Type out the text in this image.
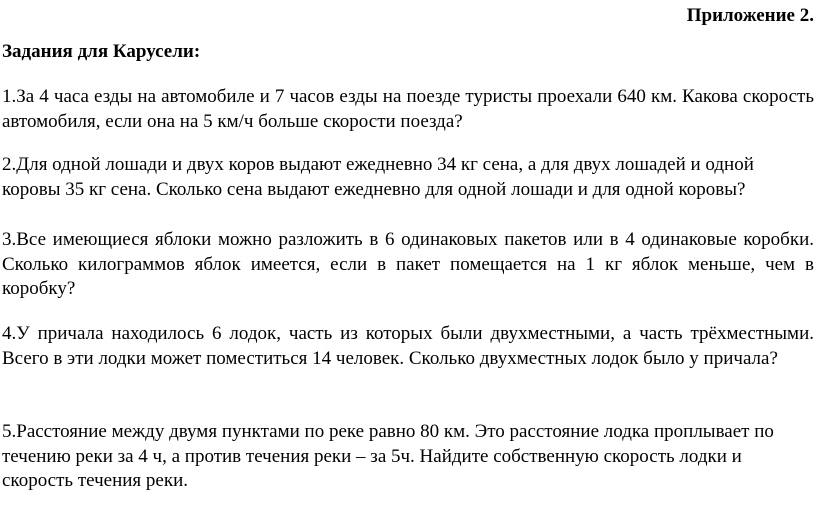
Приложение 2.
Задания для Карусели:
1.За 4 часа езды на автомобиле и 7 часов езды на поезде туристы проехали 640 км. Какова скорость автомобиля, если она на 5 км/ч больше скорости поезда?
2.Для одной лошади и двух коров выдают ежедневно 34 кг сена, а для двух лошадей и одной коровы 35 кг сена. Сколько сена выдают ежедневно для одной лошади и для одной коровы?
3.Все имеющиеся яблоки можно разложить в 6 одинаковых пакетов или в 4 одинаковые коробки. Сколько килограммов яблок имеется, если в пакет помещается на 1 кг яблок меньше, чем в коробку?
4.У причала находилось 6 лодок, часть из которых были двухместными, а часть трёхместными. Всего в эти лодки может поместиться 14 человек. Сколько двухместных лодок было у причала?
5.Расстояние между двумя пунктами по реке равно 80 км. Это расстояние лодка проплывает по течению реки за 4 ч, а против течения реки – за 5ч. Найдите собственную скорость лодки и скорость течения реки.
